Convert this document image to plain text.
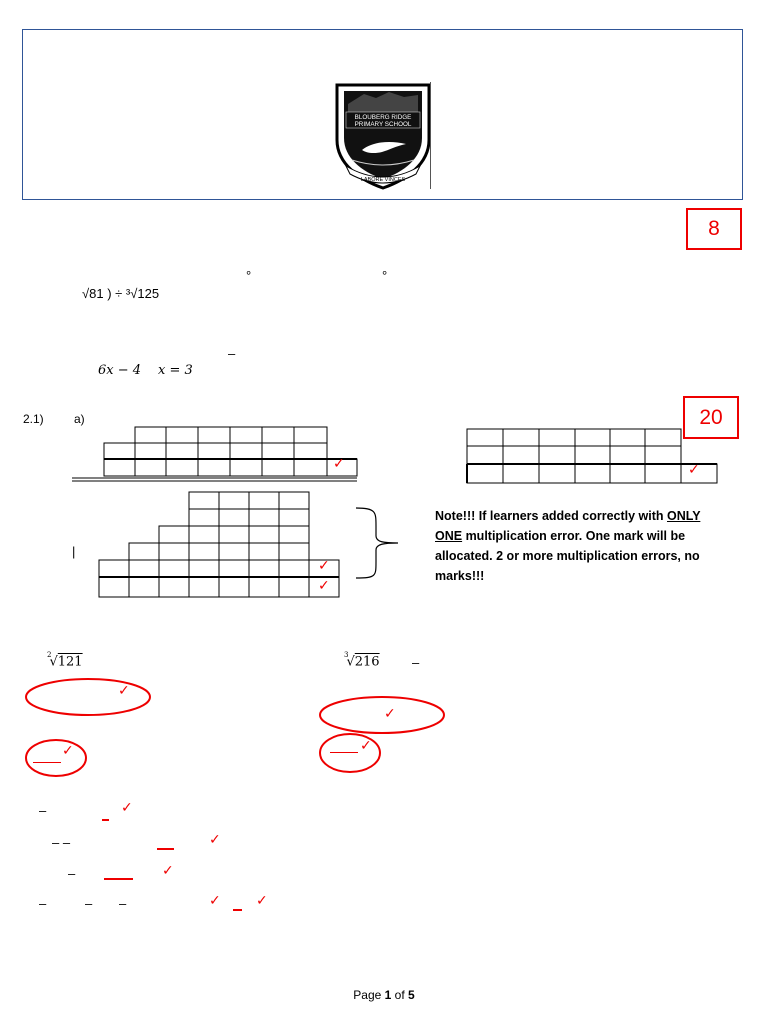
BLOUBERG RIDGE
PRIMARY SCHOOL
LABORE VINCES
8
20
°	°
√81 ) ÷ ³√125
–
6𝑥 − 4 𝑥 = 3
2.1)	a)
✓	✓
✓
✓
|
Note!!! If learners added correctly with ONLY ONE multiplication error. One mark will be allocated. 2 or more multiplication errors, no marks!!!
$^2$√121	$^3$√216 –
✓
✓
✓	✓
–	✓
– –	✓
–	✓
–	– –	✓	✓
Page 1 of 5
